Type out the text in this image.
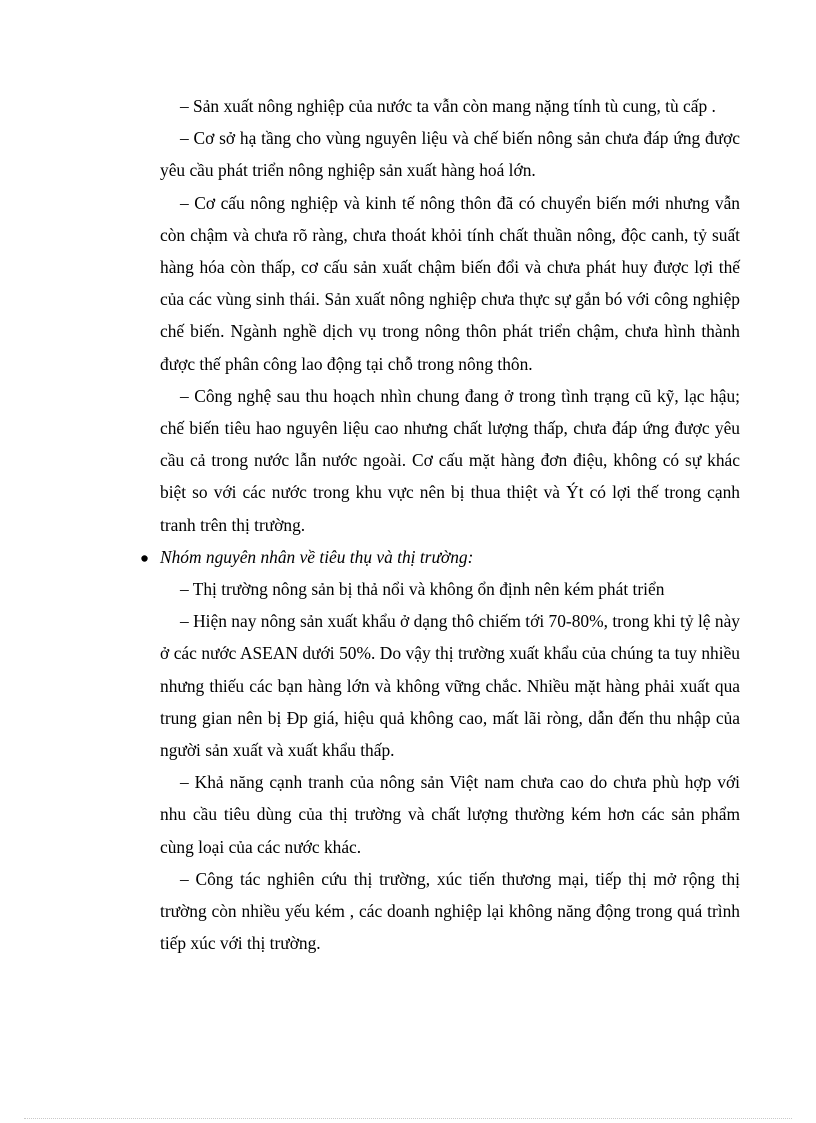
– Sản xuất nông nghiệp của nước ta vẫn còn mang nặng tính tù cung, tù cấp .

– Cơ sở hạ tầng cho vùng nguyên liệu và chế biến nông sản chưa đáp ứng được yêu cầu phát triển nông nghiệp sản xuất hàng hoá lớn.

– Cơ cấu nông nghiệp và kinh tế nông thôn đã có chuyển biến mới nhưng vẫn còn chậm và chưa rõ ràng, chưa thoát khỏi tính chất thuần nông, độc canh, tỷ suất hàng hóa còn thấp, cơ cấu sản xuất chậm biến đổi và chưa phát huy được lợi thế của các vùng sinh thái. Sản xuất nông nghiệp chưa thực sự gắn bó với công nghiệp chế biến. Ngành nghề dịch vụ trong nông thôn phát triển chậm, chưa hình thành được thế phân công lao động tại chỗ trong nông thôn.

– Công nghệ sau thu hoạch nhìn chung đang ở trong tình trạng cũ kỹ, lạc hậu; chế biến tiêu hao nguyên liệu cao nhưng chất lượng thấp, chưa đáp ứng được yêu cầu cả trong nước lẫn nước ngoài. Cơ cấu mặt hàng đơn điệu, không có sự khác biệt so với các nước trong khu vực nên bị thua thiệt và Ýt có lợi thế trong cạnh tranh trên thị trường.

Nhóm nguyên nhân về tiêu thụ và thị trường:

– Thị trường nông sản bị thả nổi và không ổn định nên kém phát triển

– Hiện nay nông sản xuất khẩu ở dạng thô chiếm tới 70-80%, trong khi tỷ lệ này ở các nước ASEAN dưới 50%. Do vậy thị trường xuất khẩu của chúng ta tuy nhiều nhưng thiếu các bạn hàng lớn và không vững chắc. Nhiều mặt hàng phải xuất qua trung gian nên bị Ðp giá, hiệu quả không cao, mất lãi ròng, dẫn đến thu nhập của người sản xuất và xuất khẩu thấp.

– Khả năng cạnh tranh của nông sản Việt nam chưa cao do chưa phù hợp với nhu cầu tiêu dùng của thị trường và chất lượng thường kém hơn các sản phẩm cùng loại của các nước khác.

– Công tác nghiên cứu thị trường, xúc tiến thương mại, tiếp thị mở rộng thị trường còn nhiều yếu kém , các doanh nghiệp lại không năng động trong quá trình tiếp xúc với thị trường.
